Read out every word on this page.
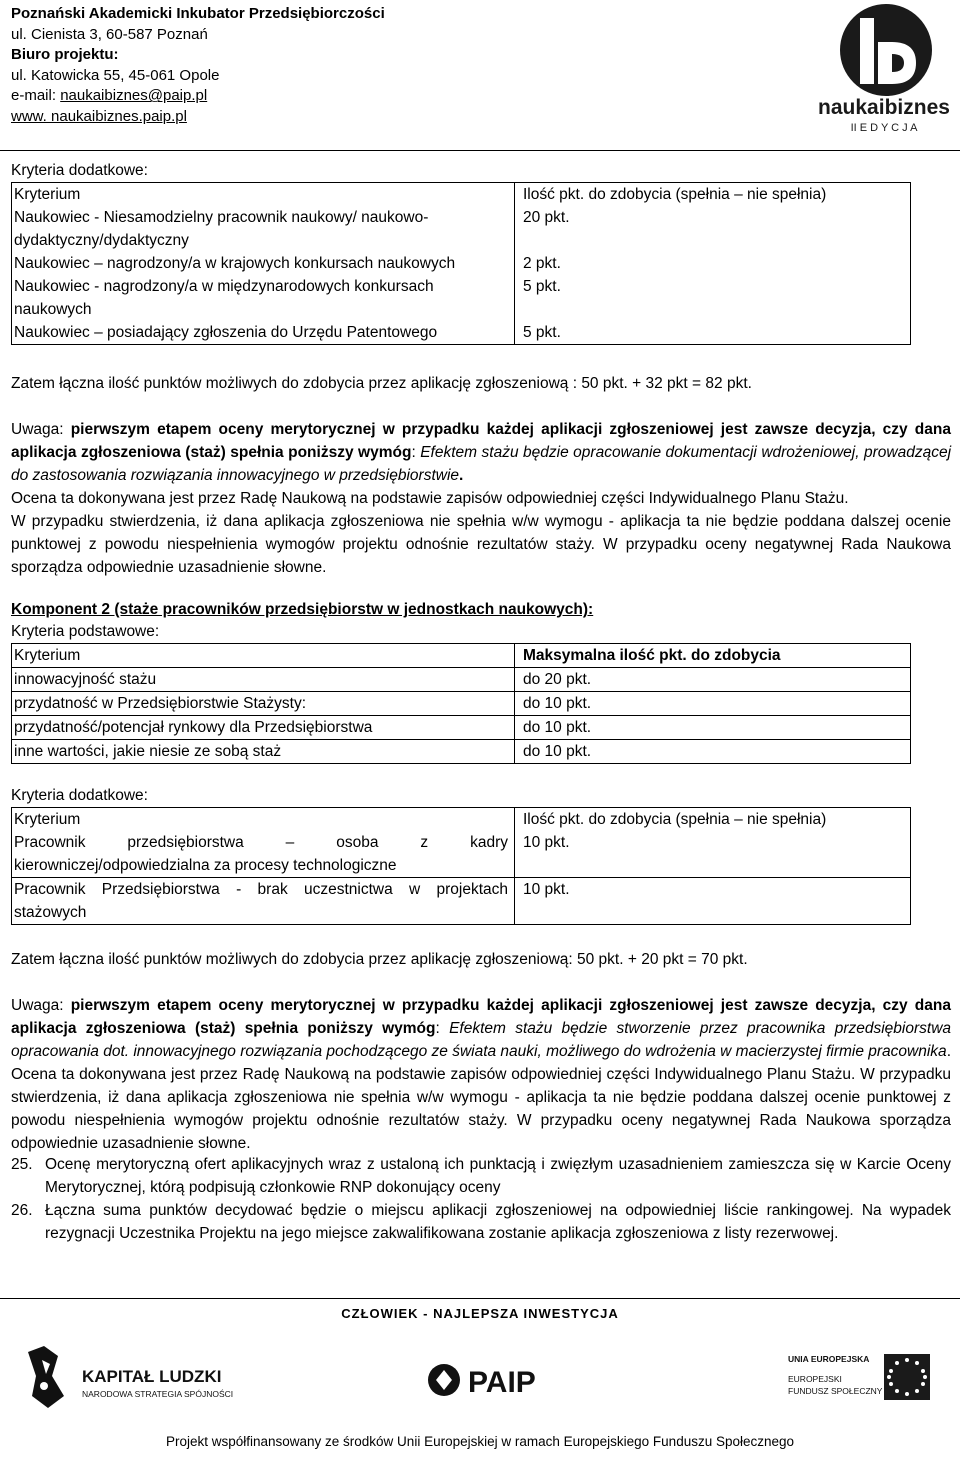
Poznański Akademicki Inkubator Przedsiębiorczości
ul. Cienista 3, 60-587 Poznań
Biuro projektu:
ul. Katowicka 55, 45-061 Opole
e-mail: naukaibiznes@paip.pl
www. naukaibiznes.paip.pl	naukaibiznes
II E D Y C J A
Kryteria dodatkowe:
Kryterium	Ilość pkt. do zdobycia (spełnia – nie spełnia)
Naukowiec - Niesamodzielny pracownik naukowy/ naukowo-dydaktyczny/dydaktyczny	20 pkt.
Naukowiec – nagrodzony/a w krajowych konkursach naukowych	2 pkt.
Naukowiec - nagrodzony/a w międzynarodowych konkursach naukowych	5 pkt.
Naukowiec – posiadający zgłoszenia do Urzędu Patentowego	5 pkt.
Zatem łączna ilość punktów możliwych do zdobycia przez aplikację zgłoszeniową : 50 pkt. + 32 pkt = 82 pkt.
Uwaga: pierwszym etapem oceny merytorycznej w przypadku każdej aplikacji zgłoszeniowej jest zawsze decyzja, czy dana aplikacja zgłoszeniowa (staż) spełnia poniższy wymóg: Efektem stażu będzie opracowanie dokumentacji wdrożeniowej, prowadzącej do zastosowania rozwiązania innowacyjnego w przedsiębiorstwie.
Ocena ta dokonywana jest przez Radę Naukową na podstawie zapisów odpowiedniej części Indywidualnego Planu Stażu.
W przypadku stwierdzenia, iż dana aplikacja zgłoszeniowa nie spełnia w/w wymogu - aplikacja ta nie będzie poddana dalszej ocenie punktowej z powodu niespełnienia wymogów projektu odnośnie rezultatów staży. W przypadku oceny negatywnej Rada Naukowa sporządza odpowiednie uzasadnienie słowne.
Komponent 2 (staże pracowników przedsiębiorstw w jednostkach naukowych):
Kryteria podstawowe:
Kryterium	Maksymalna ilość pkt. do zdobycia
innowacyjność stażu	do 20 pkt.
przydatność w Przedsiębiorstwie Stażysty:	do 10 pkt.
przydatność/potencjał rynkowy dla Przedsiębiorstwa	do 10 pkt.
inne wartości, jakie niesie ze sobą staż	do 10 pkt.
Kryteria dodatkowe:
Kryterium	Ilość pkt. do zdobycia (spełnia – nie spełnia)
Pracownik przedsiębiorstwa – osoba z kadry kierowniczej/odpowiedzialna za procesy technologiczne	10 pkt.
Pracownik Przedsiębiorstwa - brak uczestnictwa w projektach stażowych	10 pkt.
Zatem łączna ilość punktów możliwych do zdobycia przez aplikację zgłoszeniową: 50 pkt. + 20 pkt = 70 pkt.
Uwaga: pierwszym etapem oceny merytorycznej w przypadku każdej aplikacji zgłoszeniowej jest zawsze decyzja, czy dana aplikacja zgłoszeniowa (staż) spełnia poniższy wymóg: Efektem stażu będzie stworzenie przez pracownika przedsiębiorstwa opracowania dot. innowacyjnego rozwiązania pochodzącego ze świata nauki, możliwego do wdrożenia w macierzystej firmie pracownika. Ocena ta dokonywana jest przez Radę Naukową na podstawie zapisów odpowiedniej części Indywidualnego Planu Stażu. W przypadku stwierdzenia, iż dana aplikacja zgłoszeniowa nie spełnia w/w wymogu - aplikacja ta nie będzie poddana dalszej ocenie punktowej z powodu niespełnienia wymogów projektu odnośnie rezultatów staży. W przypadku oceny negatywnej Rada Naukowa sporządza odpowiednie uzasadnienie słowne.
25. Ocenę merytoryczną ofert aplikacyjnych wraz z ustaloną ich punktacją i zwięzłym uzasadnieniem zamieszcza się w Karcie Oceny Merytorycznej, którą podpisują członkowie RNP dokonujący oceny
26. Łączna suma punktów decydować będzie o miejscu aplikacji zgłoszeniowej na odpowiedniej liście rankingowej. Na wypadek rezygnacji Uczestnika Projektu na jego miejsce zakwalifikowana zostanie aplikacja zgłoszeniowa z listy rezerwowej.
CZŁOWIEK - NAJLEPSZA INWESTYCJA
KAPITAŁ LUDZKI
NARODOWA STRATEGIA SPÓJNOŚCI	PAIP
UNIA EUROPEJSKA
EUROPEJSKI
FUNDUSZ SPOŁECZNY
Projekt współfinansowany ze środków Unii Europejskiej w ramach Europejskiego Funduszu Społecznego
